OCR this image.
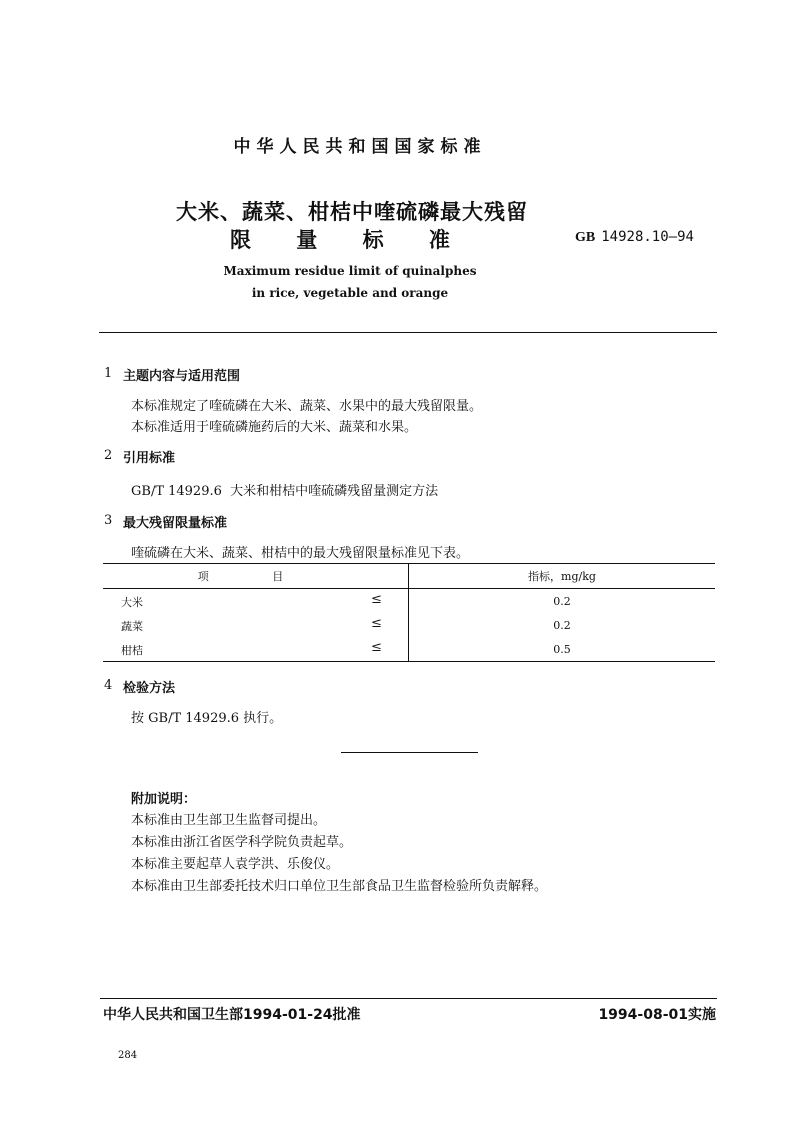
中华人民共和国国家标准
大米、蔬菜、柑桔中喹硫磷最大残留
限 量 标 准	GB 14928.10—94
Maximum residue limit of quinalphes
in rice, vegetable and orange
1 主题内容与适用范围
本标准规定了喹硫磷在大米、蔬菜、水果中的最大残留限量。
本标准适用于喹硫磷施药后的大米、蔬菜和水果。
2 引用标准
GB/T 14929.6  大米和柑桔中喹硫磷残留量测定方法
3 最大残留限量标准
喹硫磷在大米、蔬菜、柑桔中的最大残留限量标准见下表。
项 目	指标，mg/kg

大米 ≤	0.2

蔬菜 ≤	0.2

柑桔 ≤	0.5
4 检验方法
按 GB/T 14929.6 执行。
附加说明：
本标准由卫生部卫生监督司提出。
本标准由浙江省医学科学院负责起草。
本标准主要起草人袁学洪、乐俊仪。
本标准由卫生部委托技术归口单位卫生部食品卫生监督检验所负责解释。
中华人民共和国卫生部1994-01-24批准	1994-08-01实施
284
